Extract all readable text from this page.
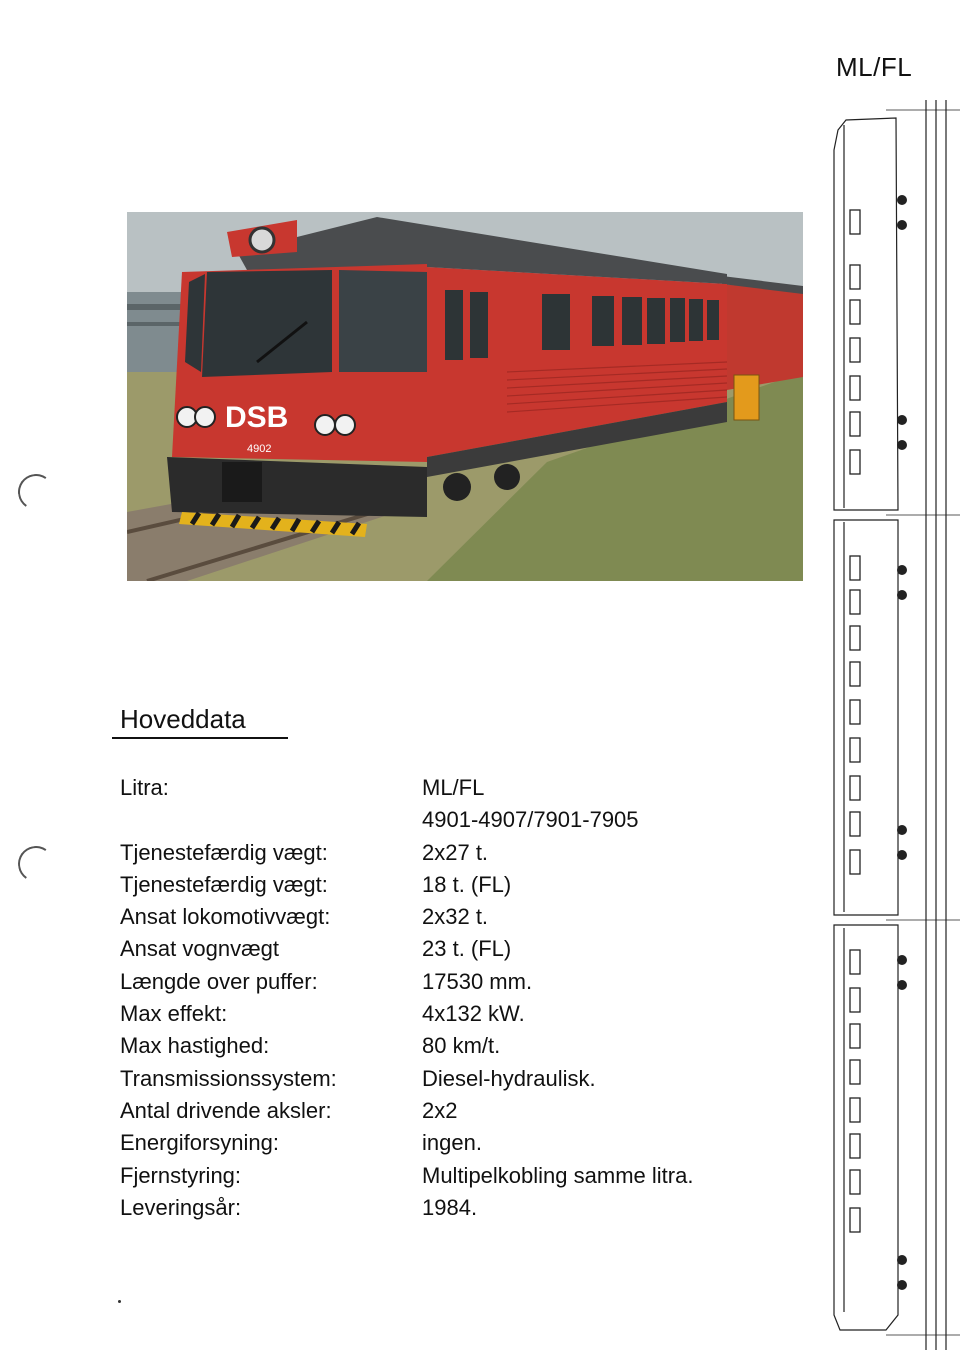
ML/FL
DSB
4902
Hoveddata
Litra:	ML/FL
4901-4907/7901-7905
Tjenestefærdig vægt:	2x27 t.
Tjenestefærdig vægt:	18 t. (FL)
Ansat lokomotivvægt:	2x32 t.
Ansat vognvægt	23 t. (FL)
Længde over puffer:	17530 mm.
Max effekt:	4x132 kW.
Max hastighed:	80 km/t.
Transmissionssystem:	Diesel-hydraulisk.
Antal drivende aksler:	2x2
Energiforsyning:	ingen.
Fjernstyring:	Multipelkobling samme litra.
Leveringsår:	1984.
